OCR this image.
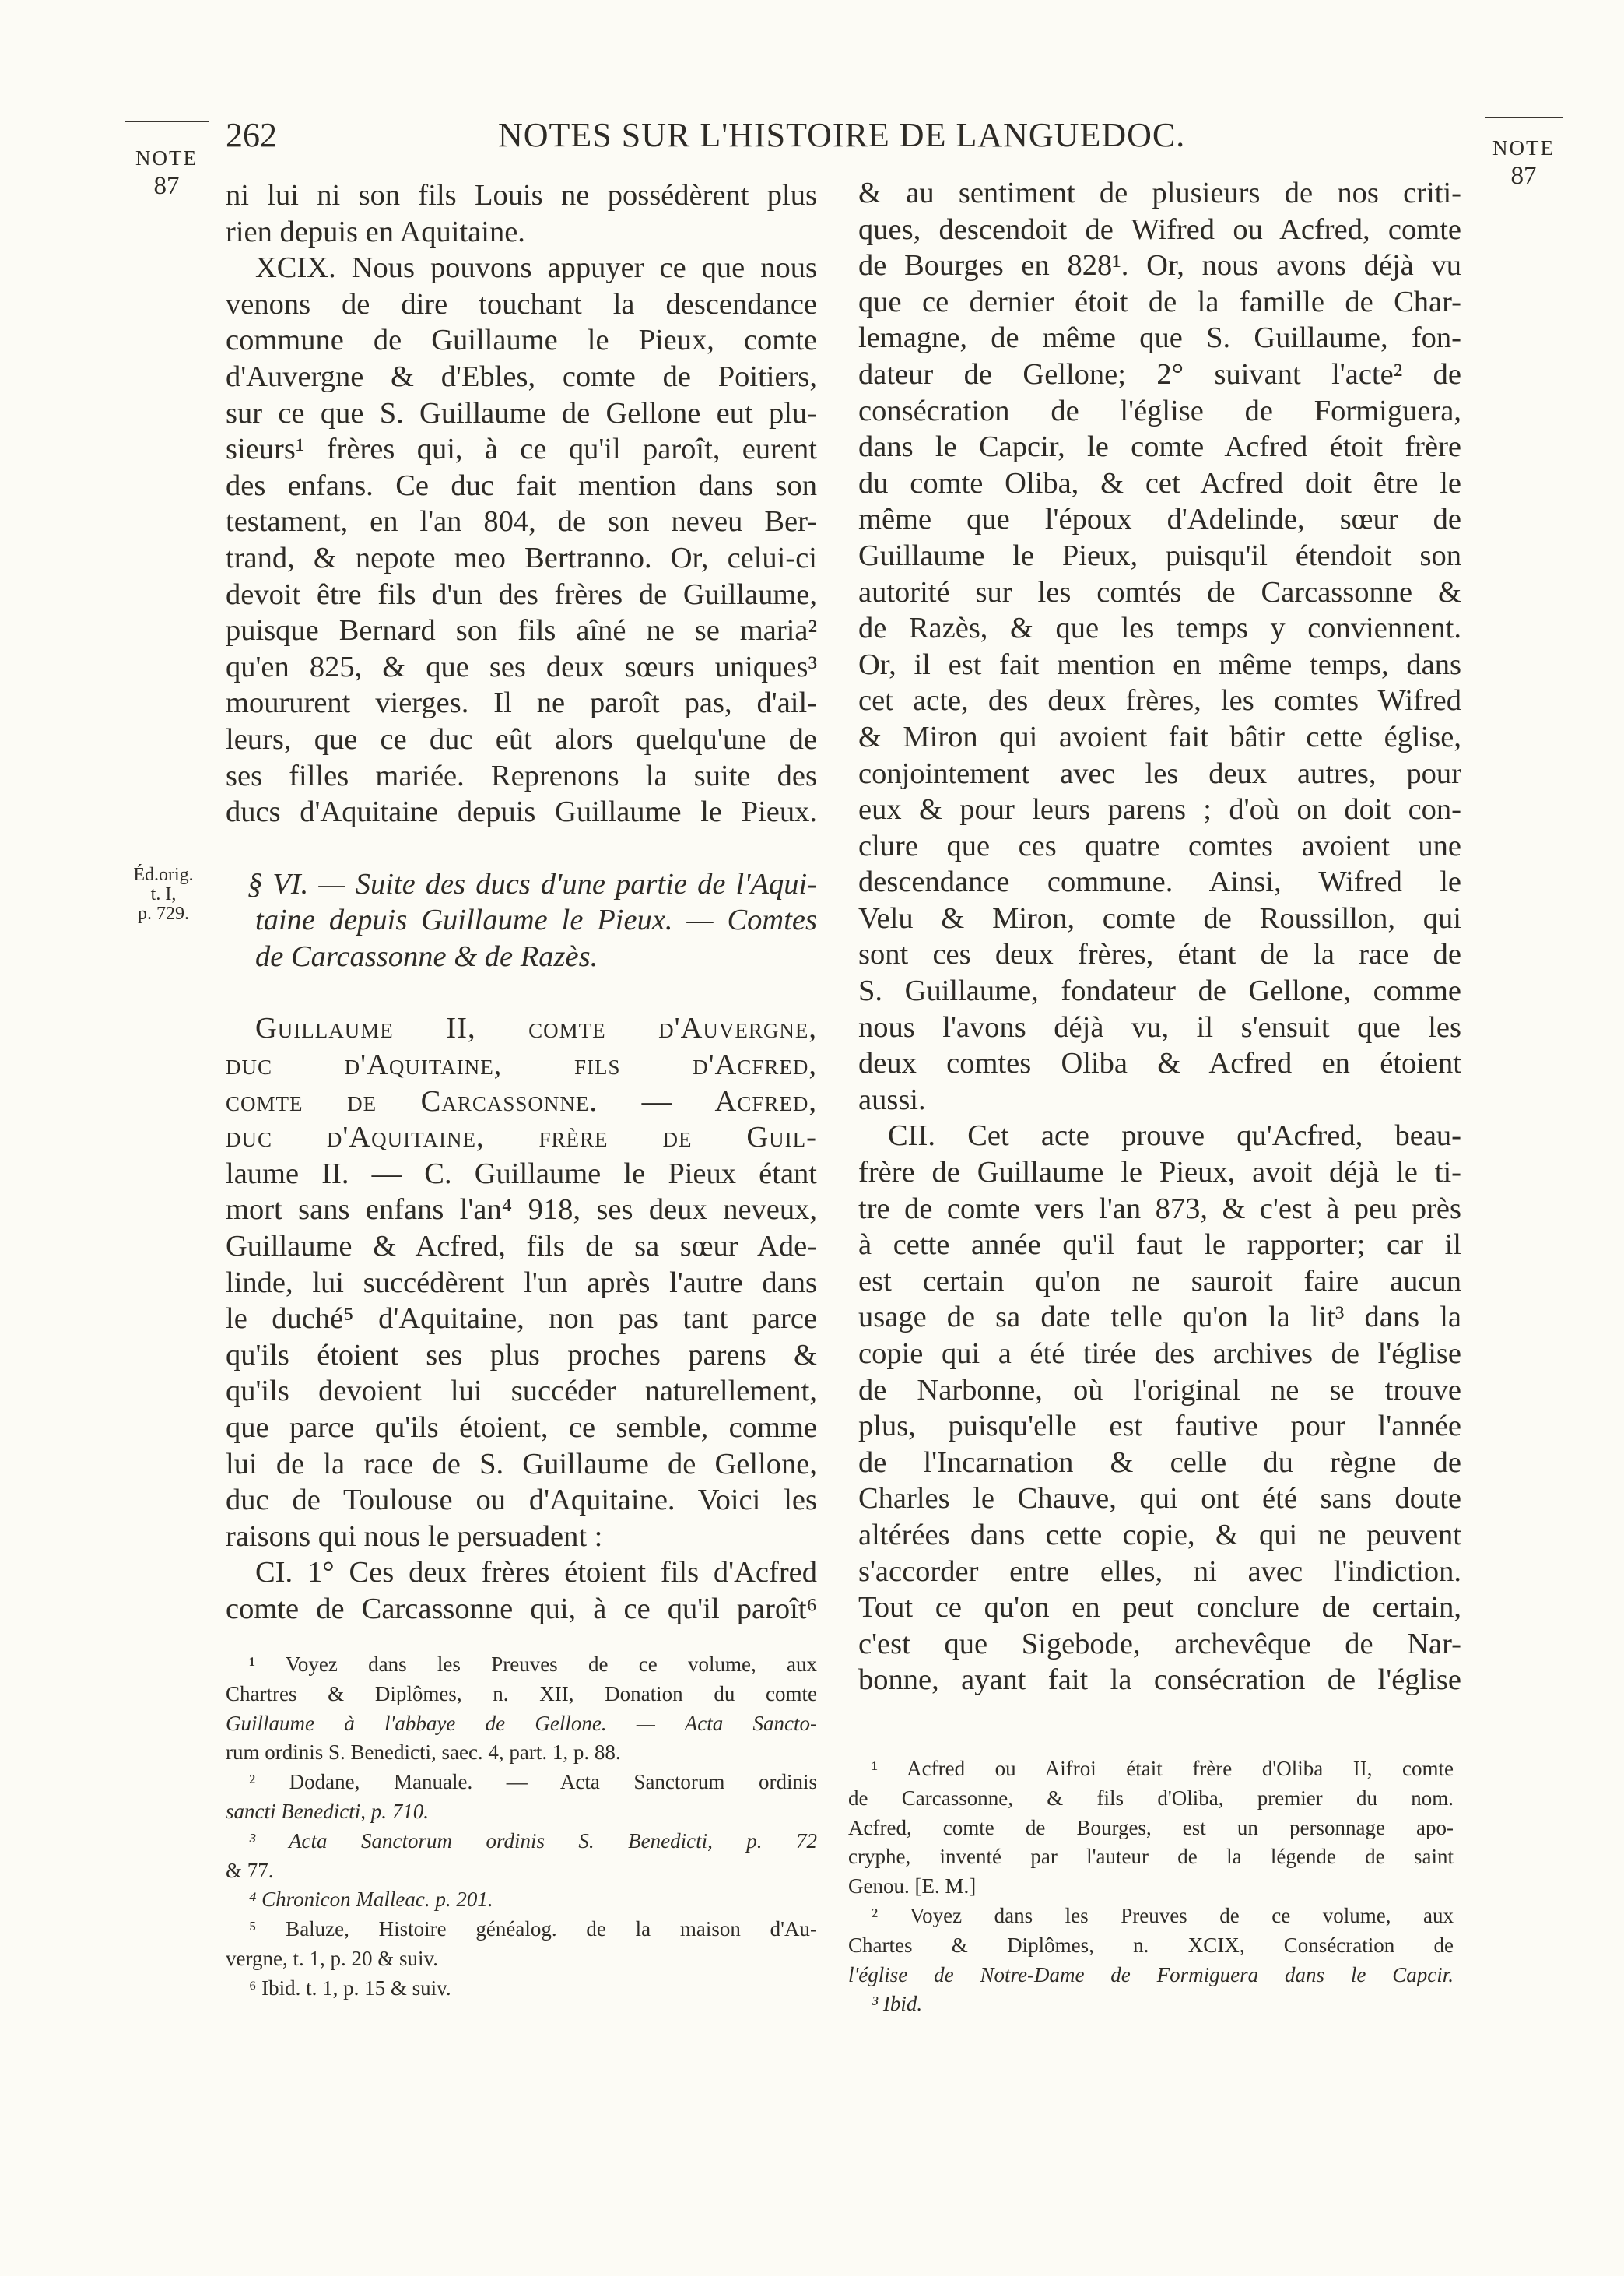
NOTE
87
NOTE
87
262	NOTES SUR L'HISTOIRE DE LANGUEDOC.
Éd.orig.
t. I,
p. 729.
ni lui ni son fils Louis ne possédèrent plus
rien depuis en Aquitaine.
XCIX. Nous pouvons appuyer ce que nous
venons de dire touchant la descendance
commune de Guillaume le Pieux, comte
d'Auvergne & d'Ebles, comte de Poitiers,
sur ce que S. Guillaume de Gellone eut plu-
sieurs¹ frères qui, à ce qu'il paroît, eurent
des enfans. Ce duc fait mention dans son
testament, en l'an 804, de son neveu Ber-
trand, & nepote meo Bertranno. Or, celui-ci
devoit être fils d'un des frères de Guillaume,
puisque Bernard son fils aîné ne se maria²
qu'en 825, & que ses deux sœurs uniques³
moururent vierges. Il ne paroît pas, d'ail-
leurs, que ce duc eût alors quelqu'une de
ses filles mariée. Reprenons la suite des
ducs d'Aquitaine depuis Guillaume le Pieux.
§ VI. — Suite des ducs d'une partie de l'Aqui-
taine depuis Guillaume le Pieux. — Comtes
de Carcassonne & de Razès.
Guillaume II, comte d'Auvergne,
duc d'Aquitaine, fils d'Acfred,
comte de Carcassonne. — Acfred,
duc d'Aquitaine, frère de Guil-
laume II. — C. Guillaume le Pieux étant
mort sans enfans l'an⁴ 918, ses deux neveux,
Guillaume & Acfred, fils de sa sœur Ade-
linde, lui succédèrent l'un après l'autre dans
le duché⁵ d'Aquitaine, non pas tant parce
qu'ils étoient ses plus proches parens &
qu'ils devoient lui succéder naturellement,
que parce qu'ils étoient, ce semble, comme
lui de la race de S. Guillaume de Gellone,
duc de Toulouse ou d'Aquitaine. Voici les
raisons qui nous le persuadent :
CI. 1° Ces deux frères étoient fils d'Acfred
comte de Carcassonne qui, à ce qu'il paroît⁶
& au sentiment de plusieurs de nos criti-
ques, descendoit de Wifred ou Acfred, comte
de Bourges en 828¹. Or, nous avons déjà vu
que ce dernier étoit de la famille de Char-
lemagne, de même que S. Guillaume, fon-
dateur de Gellone; 2° suivant l'acte² de
consécration de l'église de Formiguera,
dans le Capcir, le comte Acfred étoit frère
du comte Oliba, & cet Acfred doit être le
même que l'époux d'Adelinde, sœur de
Guillaume le Pieux, puisqu'il étendoit son
autorité sur les comtés de Carcassonne &
de Razès, & que les temps y conviennent.
Or, il est fait mention en même temps, dans
cet acte, des deux frères, les comtes Wifred
& Miron qui avoient fait bâtir cette église,
conjointement avec les deux autres, pour
eux & pour leurs parens ; d'où on doit con-
clure que ces quatre comtes avoient une
descendance commune. Ainsi, Wifred le
Velu & Miron, comte de Roussillon, qui
sont ces deux frères, étant de la race de
S. Guillaume, fondateur de Gellone, comme
nous l'avons déjà vu, il s'ensuit que les
deux comtes Oliba & Acfred en étoient
aussi.
CII. Cet acte prouve qu'Acfred, beau-
frère de Guillaume le Pieux, avoit déjà le ti-
tre de comte vers l'an 873, & c'est à peu près
à cette année qu'il faut le rapporter; car il
est certain qu'on ne sauroit faire aucun
usage de sa date telle qu'on la lit³ dans la
copie qui a été tirée des archives de l'église
de Narbonne, où l'original ne se trouve
plus, puisqu'elle est fautive pour l'année
de l'Incarnation & celle du règne de
Charles le Chauve, qui ont été sans doute
altérées dans cette copie, & qui ne peuvent
s'accorder entre elles, ni avec l'indiction.
Tout ce qu'on en peut conclure de certain,
c'est que Sigebode, archevêque de Nar-
bonne, ayant fait la consécration de l'église
¹ Voyez dans les Preuves de ce volume, aux
Chartres & Diplômes, n. XII, Donation du comte
Guillaume à l'abbaye de Gellone. — Acta Sancto-
rum ordinis S. Benedicti, saec. 4, part. 1, p. 88.
² Dodane, Manuale. — Acta Sanctorum ordinis
sancti Benedicti, p. 710.
³ Acta Sanctorum ordinis S. Benedicti, p. 72
& 77.
⁴ Chronicon Malleac. p. 201.
⁵ Baluze, Histoire généalog. de la maison d'Au-
vergne, t. 1, p. 20 & suiv.
⁶ Ibid. t. 1, p. 15 & suiv.
¹ Acfred ou Aifroi était frère d'Oliba II, comte
de Carcassonne, & fils d'Oliba, premier du nom.
Acfred, comte de Bourges, est un personnage apo-
cryphe, inventé par l'auteur de la légende de saint
Genou. [E. M.]
² Voyez dans les Preuves de ce volume, aux
Chartes & Diplômes, n. XCIX, Consécration de
l'église de Notre-Dame de Formiguera dans le Capcir.
³ Ibid.
